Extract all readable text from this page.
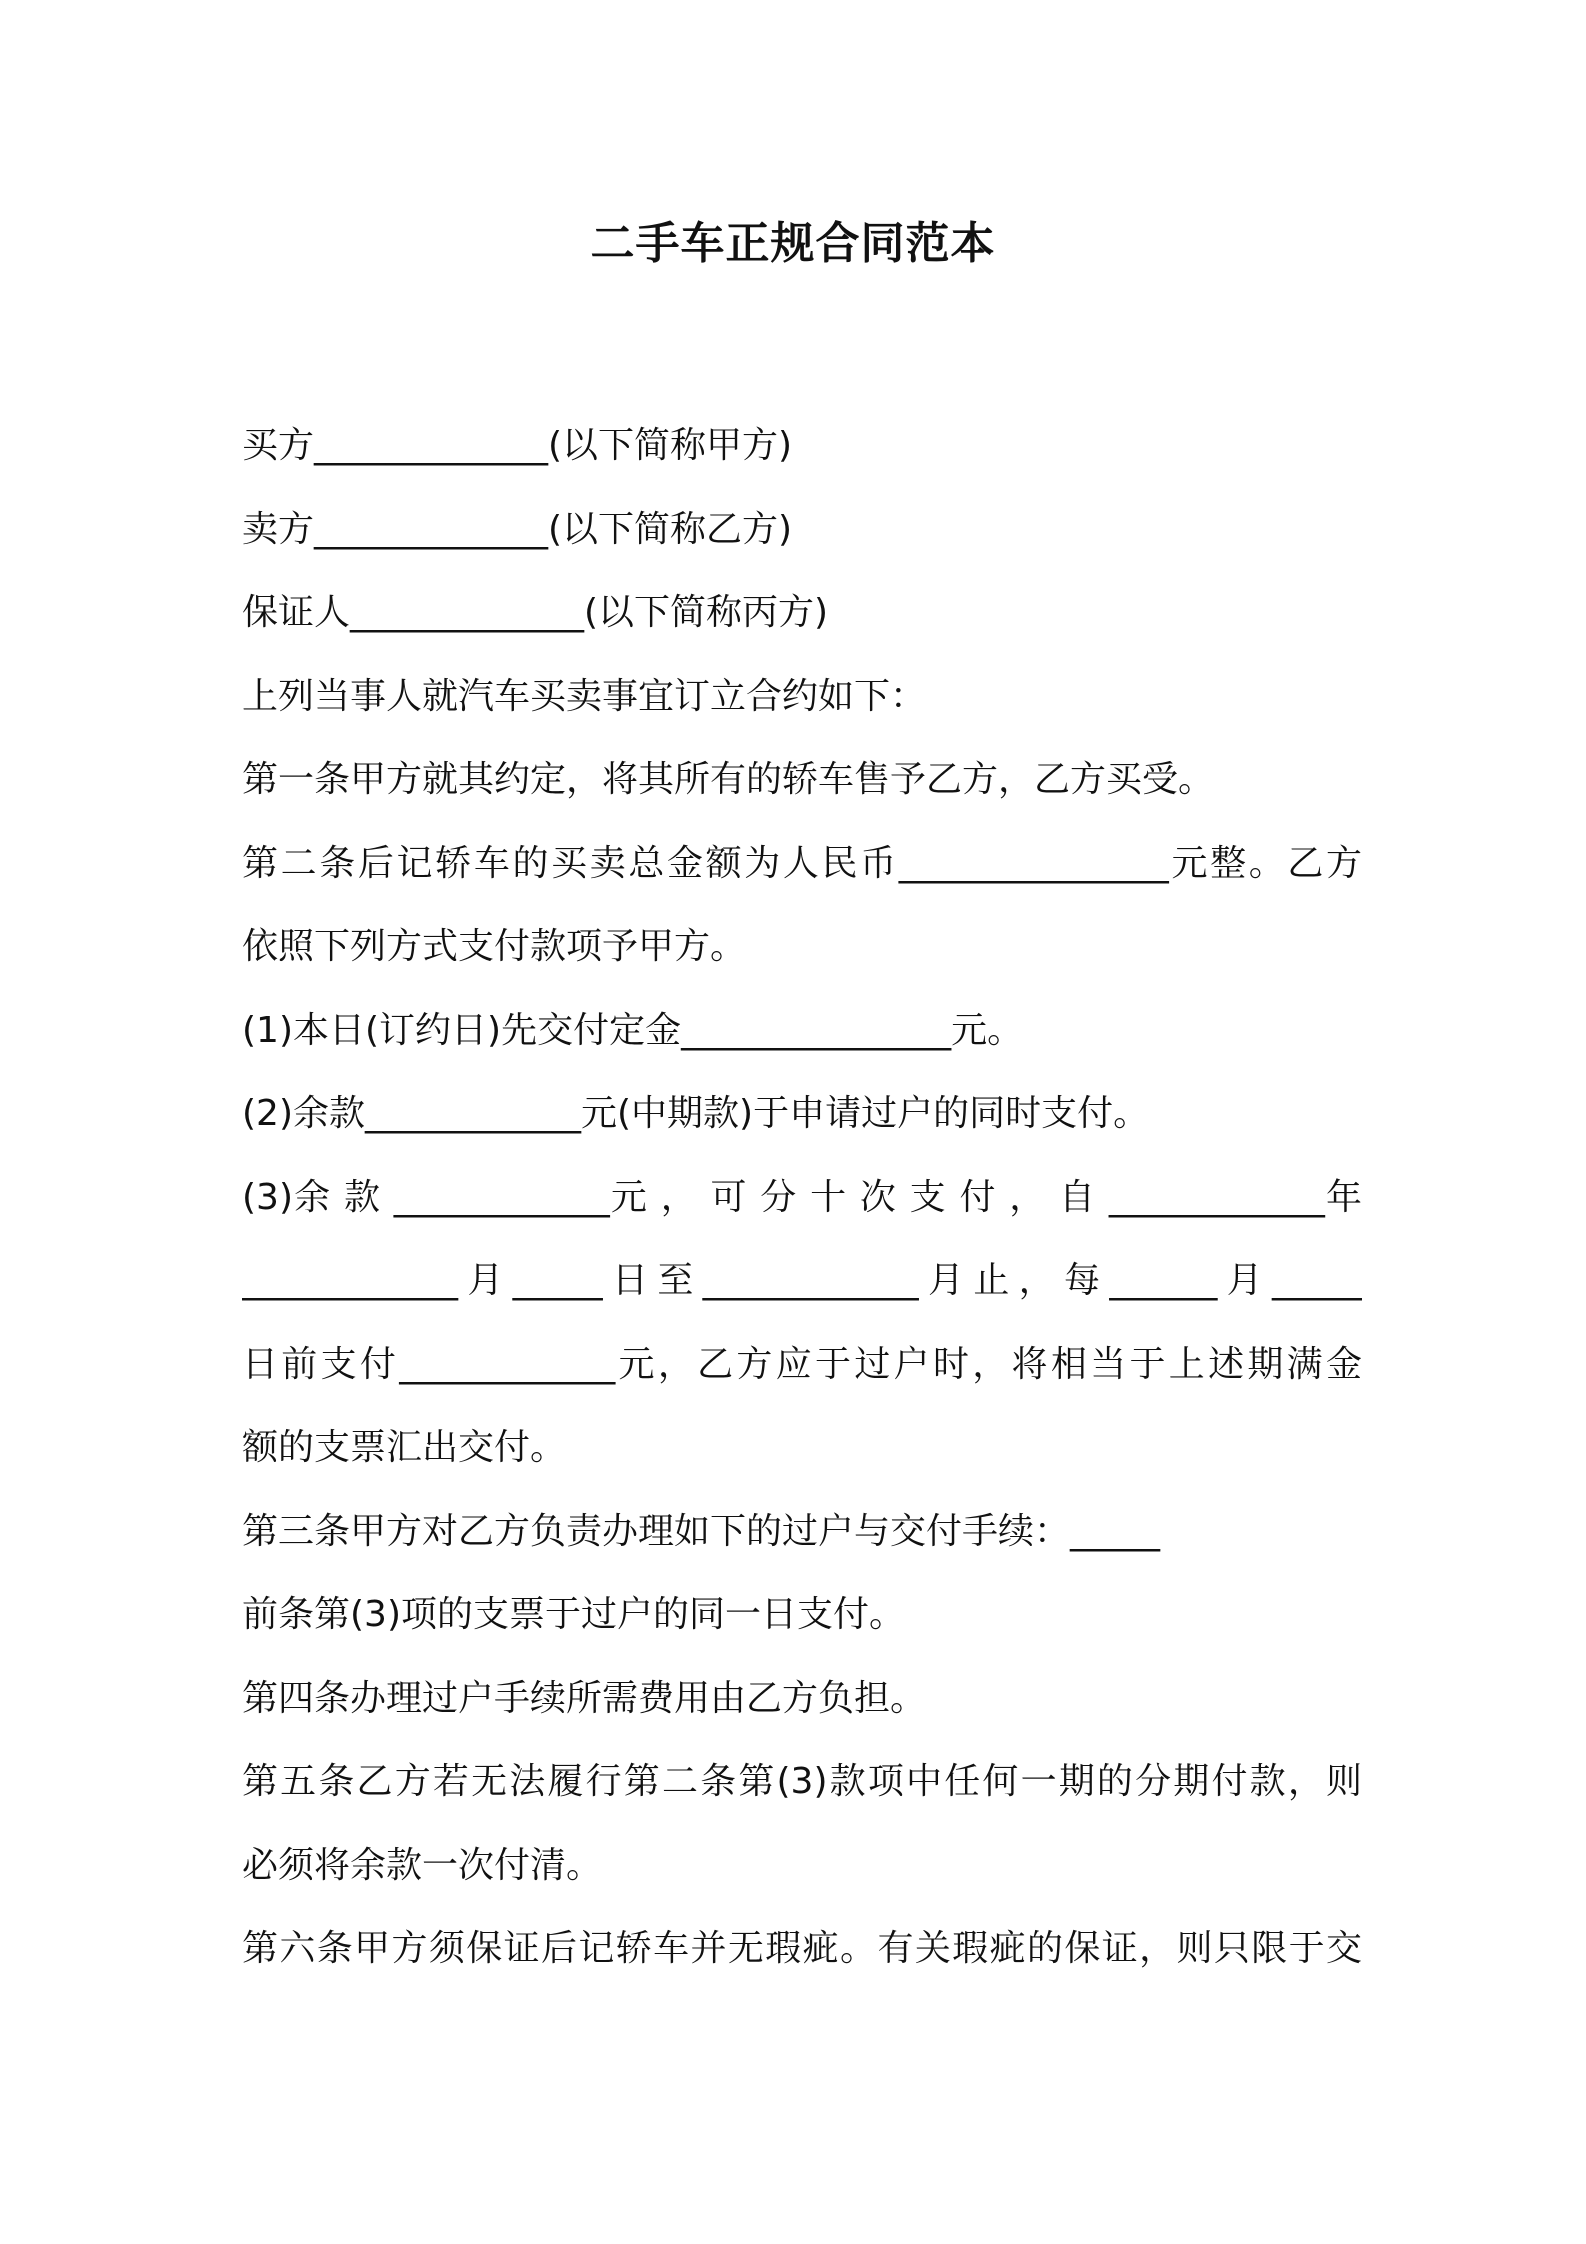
二手车正规合同范本
买方_____________(以下简称甲方)
卖方_____________(以下简称乙方)
保证人_____________(以下简称丙方)
上列当事人就汽车买卖事宜订立合约如下：
第一条甲方就其约定，将其所有的轿车售予乙方，乙方买受。
第二条后记轿车的买卖总金额为人民币_______________元整。乙方
依照下列方式支付款项予甲方。
(1)本日(订约日)先交付定金_______________元。
(2)余款____________元(中期款)于申请过户的同时支付。
(3)余 款 ____________元 ， 可 分 十 次 支 付 ， 自 ____________年
____________月_____日至____________月止，每______月_____
日前支付____________元，乙方应于过户时，将相当于上述期满金
额的支票汇出交付。
第三条甲方对乙方负责办理如下的过户与交付手续：_____
前条第(3)项的支票于过户的同一日支付。
第四条办理过户手续所需费用由乙方负担。
第五条乙方若无法履行第二条第(3)款项中任何一期的分期付款，则
必须将余款一次付清。
第六条甲方须保证后记轿车并无瑕疵。有关瑕疵的保证，则只限于交
